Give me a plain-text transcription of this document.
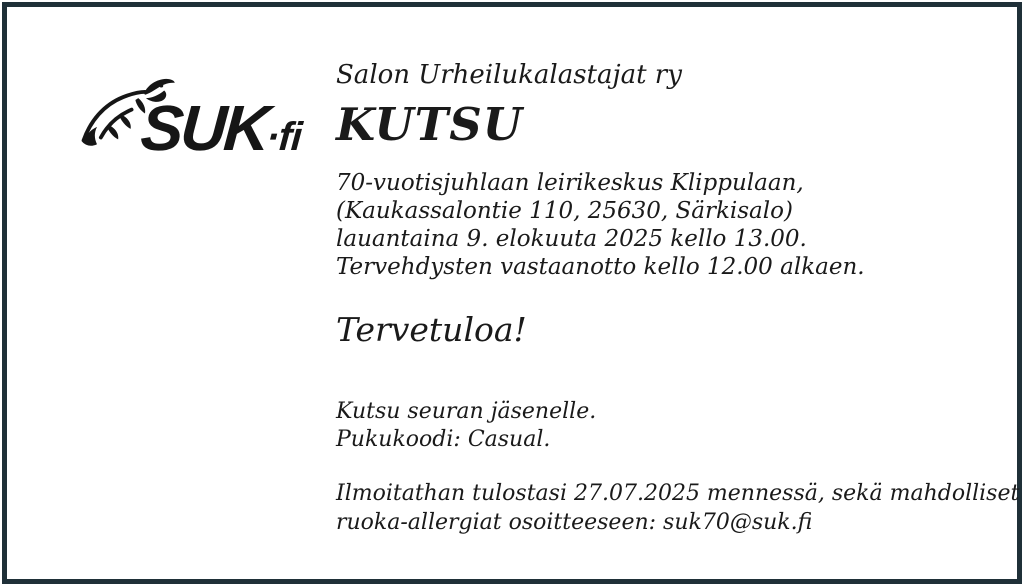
SUK·fi
Salon Urheilukalastajat ry
KUTSU
70-vuotisjuhlaan leirikeskus Klippulaan,
(Kaukassalontie 110, 25630, Särkisalo)
lauantaina 9. elokuuta 2025 kello 13.00.
Tervehdysten vastaanotto kello 12.00 alkaen.
Tervetuloa!
Kutsu seuran jäsenelle.
Pukukoodi: Casual.
Ilmoitathan tulostasi 27.07.2025 mennessä, sekä mahdolliset
ruoka-allergiat osoitteeseen: suk70@suk.fi
